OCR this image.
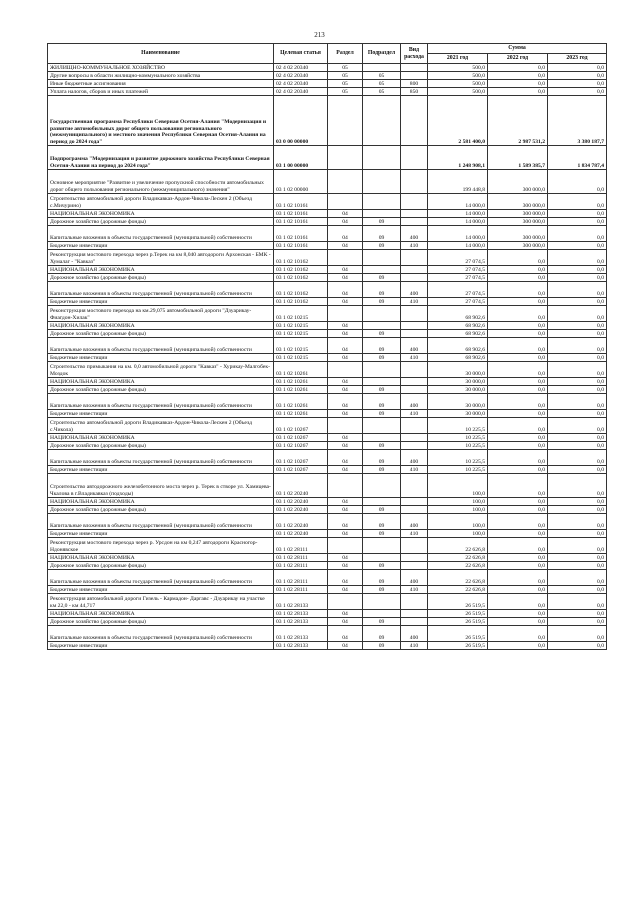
213
Наименование	Целевая статья	Раздел	Подраздел	Вид расхода	Сумма		
					2021 год	2022 год	2023 год
ЖИЛИЩНО-КОММУНАЛЬНОЕ ХОЗЯЙСТВО	02 4 02 20340	05			500,0	0,0	0,0
Другие вопросы в области жилищно-коммунального хозяйства	02 4 02 20340	05	05		500,0	0,0	0,0
Иные бюджетные ассигнования	02 4 02 20340	05	05	800	500,0	0,0	0,0
Уплата налогов, сборов и иных платежей	02 4 02 20340	05	05	850	500,0	0,0	0,0
Государственная программа Республики Северная Осетия-Алания "Модернизация и развитие автомобильных дорог общего пользования регионального (межмуниципального) и местного значения Республики Северная Осетия-Алания на период до 2024 года"	03 0 00 00000				2 581 400,0	2 987 531,2	3 380 187,7
Подпрограмма "Модернизация и развитие дорожного хозяйства Республики Северная Осетия-Алания на период до 2024 года"	03 1 00 00000				1 248 908,1	1 589 385,7	1 834 787,4
Основное мероприятие "Развитие и увеличение пропускной способности автомобильных дорог общего пользования регионального (межмуниципального) значения"	03 1 02 00000				199 448,8	300 000,0	0,0
Строительство автомобильной дороги Владикавказ-Ардон-Чикола-Лескен 2 (Объезд с.Мичурино)	03 1 02 10161				14 000,0	300 000,0	0,0
НАЦИОНАЛЬНАЯ ЭКОНОМИКА	03 1 02 10161	04			14 000,0	300 000,0	0,0
Дорожное хозяйство (дорожные фонды)	03 1 02 10161	04	09		14 000,0	300 000,0	0,0
Капитальные вложения в объекты государственной (муниципальной) собственности	03 1 02 10161	04	09	400	14 000,0	300 000,0	0,0
Бюджетные инвестиции	03 1 02 10161	04	09	410	14 000,0	300 000,0	0,0
Реконструкция мостового перехода через р.Терек на км 8,040 автодороги Архонская - БМК - Хумалаг - "Кавказ"	03 1 02 10162				27 074,5	0,0	0,0
НАЦИОНАЛЬНАЯ ЭКОНОМИКА	03 1 02 10162	04			27 074,5	0,0	0,0
Дорожное хозяйство (дорожные фонды)	03 1 02 10162	04	09		27 074,5	0,0	0,0
Капитальные вложения в объекты государственной (муниципальной) собственности	03 1 02 10162	04	09	400	27 074,5	0,0	0,0
Бюджетные инвестиции	03 1 02 10162	04	09	410	27 074,5	0,0	0,0
Реконструкция мостового перехода на км.29,075 автомобильной дороги "Дзуарикау-Фиагдон-Хилак"	03 1 02 10215				68 902,6	0,0	0,0
НАЦИОНАЛЬНАЯ ЭКОНОМИКА	03 1 02 10215	04			68 902,6	0,0	0,0
Дорожное хозяйство (дорожные фонды)	03 1 02 10215	04	09		68 902,6	0,0	0,0
Капитальные вложения в объекты государственной (муниципальной) собственности	03 1 02 10215	04	09	400	68 902,6	0,0	0,0
Бюджетные инвестиции	03 1 02 10215	04	09	410	68 902,6	0,0	0,0
Строительство примыкания на км. 0,0 автомобильной дороги "Кавказ" - Хурикау-Малгобек-Моздок	03 1 02 10261				30 000,0	0,0	0,0
НАЦИОНАЛЬНАЯ ЭКОНОМИКА	03 1 02 10261	04			30 000,0	0,0	0,0
Дорожное хозяйство (дорожные фонды)	03 1 02 10261	04	09		30 000,0	0,0	0,0
Капитальные вложения в объекты государственной (муниципальной) собственности	03 1 02 10261	04	09	400	30 000,0	0,0	0,0
Бюджетные инвестиции	03 1 02 10261	04	09	410	30 000,0	0,0	0,0
Строительство автомобильной дороги Владикавказ-Ардон-Чикола-Лескен 2 (Объезд с.Чикола)	03 1 02 10267				10 225,5	0,0	0,0
НАЦИОНАЛЬНАЯ ЭКОНОМИКА	03 1 02 10267	04			10 225,5	0,0	0,0
Дорожное хозяйство (дорожные фонды)	03 1 02 10267	04	09		10 225,5	0,0	0,0
Капитальные вложения в объекты государственной (муниципальной) собственности	03 1 02 10267	04	09	400	10 225,5	0,0	0,0
Бюджетные инвестиции	03 1 02 10267	04	09	410	10 225,5	0,0	0,0
Строительство автодорожного железобетонного моста через р. Терек в створе ул. Хамицева-Чкалова в г.Владикавказ (подходы)	03 1 02 20240				100,0	0,0	0,0
НАЦИОНАЛЬНАЯ ЭКОНОМИКА	03 1 02 20240	04			100,0	0,0	0,0
Дорожное хозяйство (дорожные фонды)	03 1 02 20240	04	09		100,0	0,0	0,0
Капитальные вложения в объекты государственной (муниципальной) собственности	03 1 02 20240	04	09	400	100,0	0,0	0,0
Бюджетные инвестиции	03 1 02 20240	04	09	410	100,0	0,0	0,0
Реконструкция мостового перехода через р. Урсдон на км 0,247 автодороги Красногор-Ндонявскоe	03 1 02 28111				22 626,8	0,0	0,0
НАЦИОНАЛЬНАЯ ЭКОНОМИКА	03 1 02 28111	04			22 626,8	0,0	0,0
Дорожное хозяйство (дорожные фонды)	03 1 02 28111	04	09		22 626,8	0,0	0,0
Капитальные вложения в объекты государственной (муниципальной) собственности	03 1 02 28111	04	09	400	22 626,8	0,0	0,0
Бюджетные инвестиции	03 1 02 28111	04	09	410	22 626,8	0,0	0,0
Реконструкция автомобильной дороги Гизель - Кармадон- Даргавс - Дзуарикау на участке км 22,0 - км 44,717	03 1 02 28133				26 519,5	0,0	0,0
НАЦИОНАЛЬНАЯ ЭКОНОМИКА	03 1 02 28133	04			26 519,5	0,0	0,0
Дорожное хозяйство (дорожные фонды)	03 1 02 28133	04	09		26 519,5	0,0	0,0
Капитальные вложения в объекты государственной (муниципальной) собственности	03 1 02 28133	04	09	400	26 519,5	0,0	0,0
Бюджетные инвестиции	03 1 02 28133	04	09	410	26 519,5	0,0	0,0
